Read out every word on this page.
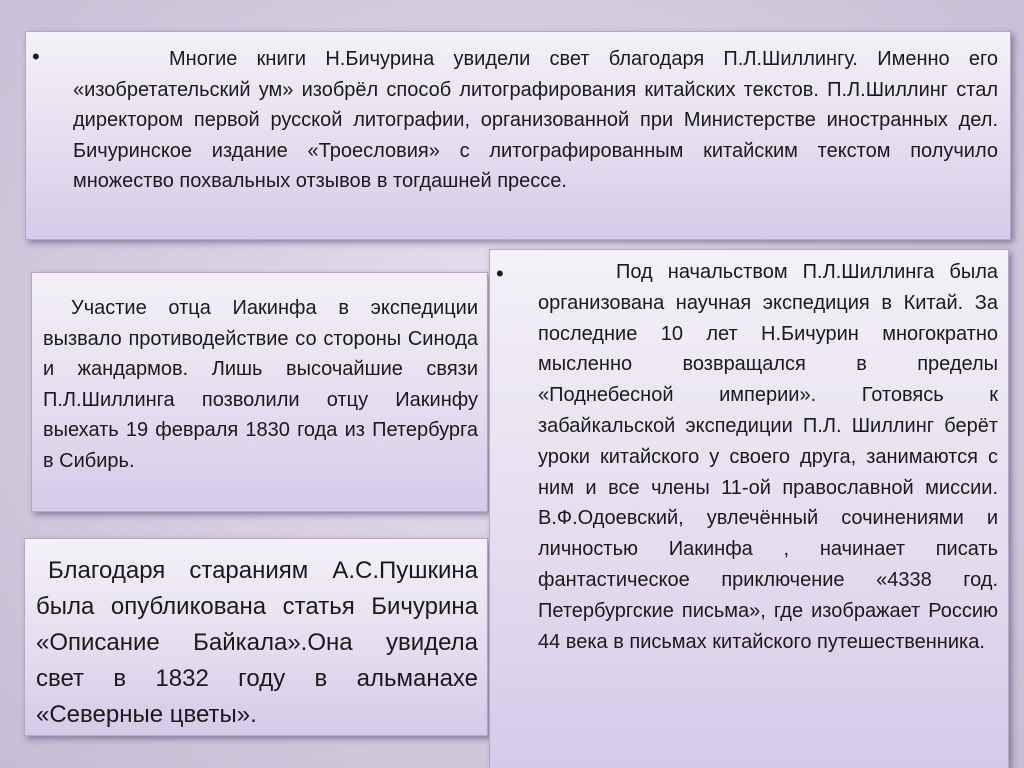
•	Многие книги Н.Бичурина увидели свет благодаря П.Л.Шиллингу. Именно его «изобретательский ум» изобрёл способ литографирования китайских текстов. П.Л.Шиллинг стал директором первой русской литографии, организованной при Министерстве иностранных дел. Бичуринское издание «Троесловия» с литографированным китайским текстом получило множество похвальных отзывов в тогдашней прессе.

Участие отца Иакинфа в экспедиции вызвало противодействие со стороны Синода и жандармов. Лишь высочайшие связи П.Л.Шиллинга позволили отцу Иакинфу выехать 19 февраля 1830 года из Петербурга в Сибирь.

Благодаря стараниям А.С.Пушкина была опубликована статья Бичурина «Описание Байкала».Она увидела свет в 1832 году в альманахе «Северные цветы».

•	Под начальством П.Л.Шиллинга была организована научная экспедиция в Китай. За последние 10 лет Н.Бичурин многократно мысленно возвращался в пределы «Поднебесной империи». Готовясь к забайкальской экспедиции П.Л. Шиллинг берёт уроки китайского у своего друга, занимаются с ним и все члены 11-ой православной миссии. В.Ф.Одоевский, увлечённый сочинениями и личностью Иакинфа , начинает писать фантастическое приключение «4338 год. Петербургские письма», где изображает Россию 44 века в письмах китайского путешественника.
